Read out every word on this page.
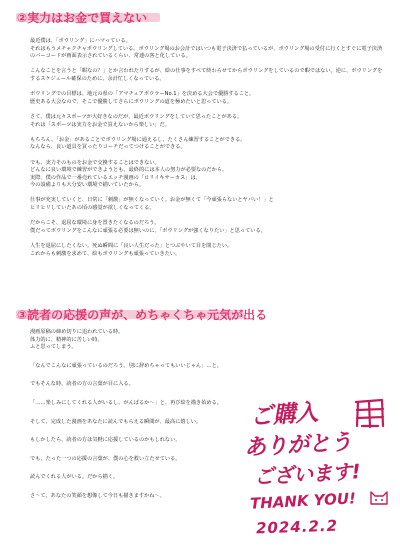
②実力はお金で買えない

最近僕は、「ボウリング」にハマっている。
それはもうメチャクチャボウリングしている。ボウリング場のお会計ではいつも電子決済で払っているが、ボウリング場の受付に行くとすぐに電子決済のバーコードが画面表示されているくらい、常連の客と化している。

こんなことを言うと「暇なの？」とか言われたりするが、絵の仕事をすべて終わらせてからボウリングをしているので暇ではない。逆に、ボウリングをするスケジュール確保のために、余計忙しくなっている。

ボウリングでの目標は、地元の県の「アマチュアボウラーNo.1」を決める大会で優勝すること。
歴史ある大会なので、そこで優勝してさらにボウリングの道を極めたいと思っている。

さて、僕は元々スポーツが大好きなのだが、最近ボウリングをしていて思ったことがある。
それは「スポーツは実力をお金で買えないから楽しい」だ。

もちろん、「お金」があることでボウリング場に通えるし、たくさん練習することができる。
なんなら、良い道具を買ったりコーチだってつけることができる。

でも、実力そのものをお金で交換することはできない。
どんなに良い環境で練習ができようとも、最終的には本人の努力が必要なのだから。
実際、僕の作品で一番売れているエッチ漫画の「ロリイキサーカス」は、
今の設備よりも大分安い環境で描いていたから。

仕事が充実していくと、日常に「刺激」が無くなっていく。お金が無くて「今頑張らないとヤバい！」と
ヒリヒリしていたあの頃の感覚が欲しくなってくる。

だからこそ、退屈な環境に身を置きたくなるのだろう。
僕だってボウリングをこんなに頑張る必要は無いのに、「ボウリングが強くなりたい」と思っている。

人生を退屈にしたくない。死ぬ瞬間に「良い人生だった」とつぶやいて目を閉じたい。
これからも刺激を求めて、絵もボウリングも頑張っていきたい。

③読者の応援の声が、めちゃくちゃ元気が出る
漫画原稿の締め切りに追われている時。
体力的に、精神的に苦しい時。
ふと思ってしまう。
「なんでこんなに頑張っているのだろう。別に辞めちゃってもいいじゃん」…と。
でもそんな時、読者の方の言葉が目に入る。
「……楽しみにしてくれる人がいるし、がんばるか～」と、再び絵を描き始める。
そして、完成した漫画をあなたに読んでもらえる瞬間が、最高に嬉しい。
もしかしたら、読者の方は気軽に応援しているのかもしれない。
でも、たった一つの応援の言葉が、僕の心を救い立たせている。
読んでくれる人がいる。だから描く。
さ～て、あなたの笑顔を想像して今日も描きますかね～。
ご購入
ありがとう
ございます!
THANK YOU!
2024.2.2
